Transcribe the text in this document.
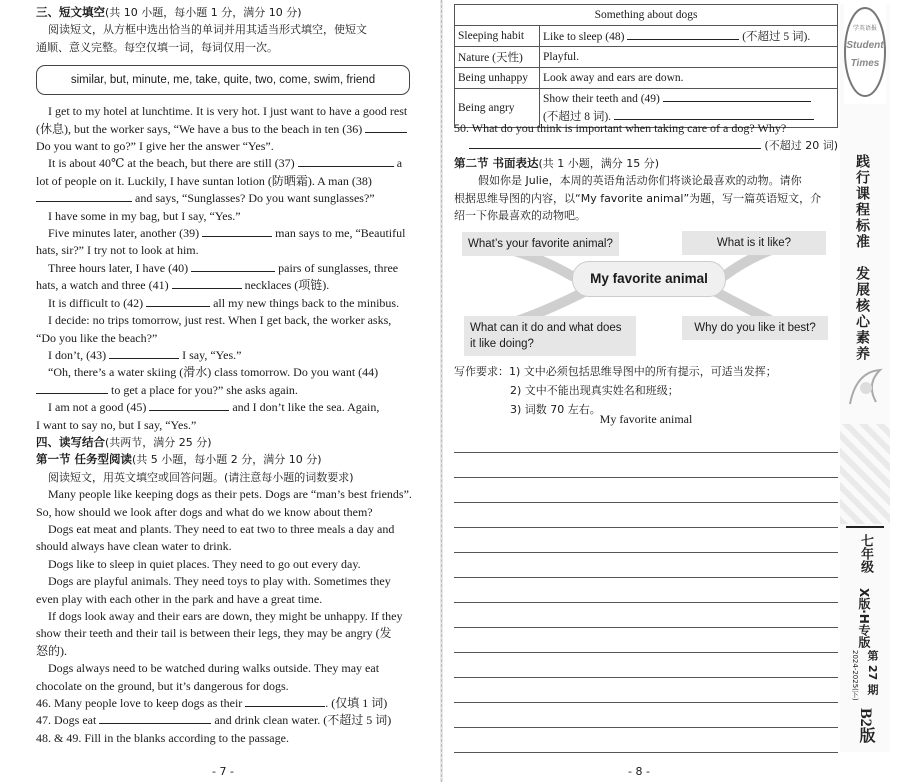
三、短文填空(共 10 小题，每小题 1 分，满分 10 分)

阅读短文，从方框中选出恰当的单词并用其适当形式填空，使短文

通顺、意义完整。每空仅填一词，每词仅用一次。

similar, but, minute, me, take, quite, two, come, swim, friend

I get to my hotel at lunchtime. It is very hot. I just want to have a good rest

(休息), but the worker says, “We have a bus to the beach in ten (36)

Do you want to go?” I give her the answer “Yes”.

It is about 40℃ at the beach, but there are still (37)	a

lot of people on it. Luckily, I have suntan lotion (防晒霜). A man (38)

and says, “Sunglasses? Do you want sunglasses?”

I have some in my bag, but I say, “Yes.”

Five minutes later, another (39)	man says to me, “Beautiful

hats, sir?” I try not to look at him.

Three hours later, I have (40)	pairs of sunglasses, three

hats, a watch and three (41)	necklaces (项链).

It is difficult to (42)	all my new things back to the minibus.

I decide: no trips tomorrow, just rest. When I get back, the worker asks,

“Do you like the beach?”

I don’t, (43)	I say, “Yes.”

“Oh, there’s a water skiing (滑水) class tomorrow. Do you want (44)

to get a place for you?” she asks again.

I am not a good (45)	and I don’t like the sea. Again,

I want to say no, but I say, “Yes.”

四、读写结合(共两节，满分 25 分)

第一节 任务型阅读(共 5 小题，每小题 2 分，满分 10 分)

阅读短文，用英文填空或回答问题。(请注意每小题的词数要求)

Many people like keeping dogs as their pets. Dogs are “man’s best friends”.

So, how should we look after dogs and what do we know about them?

Dogs eat meat and plants. They need to eat two to three meals a day and

should always have clean water to drink.

Dogs like to sleep in quiet places. They need to go out every day.

Dogs are playful animals. They need toys to play with. Sometimes they

even play with each other in the park and have a great time.

If dogs look away and their ears are down, they might be unhappy. If they

show their teeth and their tail is between their legs, they may be angry (发

怒的).

Dogs always need to be watched during walks outside. They may eat

chocolate on the ground, but it’s dangerous for dogs.

46. Many people love to keep dogs as their	. (仅填 1 词)

47. Dogs eat	and drink clean water. (不超过 5 词)

48. & 49. Fill in the blanks according to the passage.

- 7 -
Something about dogs	
Sleeping habit	Like to sleep (48) (不超过 5 词).
Nature (天性)	Playful.
Being unhappy	Look away and ears are down.
Being angry	Show their teeth and (49)
(不超过 8 词).

50. What do you think is important when taking care of a dog? Why?

(不超过 20 词)

第二节 书面表达(共 1 小题，满分 15 分)

假如你是 Julie，本周的英语角活动你们将谈论最喜欢的动物。请你

根据思维导图的内容，以“My favorite animal”为题，写一篇英语短文，介

绍一下你最喜欢的动物吧。

What’s your favorite animal?	What is it like?
My favorite animal
What can it do and what does
it like doing?
Why do you like it best?
写作要求：1) 文中必须包括思维导图中的所有提示，可适当发挥；
2) 文中不能出现真实姓名和班级；
3) 词数 70 左右。
My favorite animal
- 8 -
学英语报
Student
Times
践行课程标准
发展核心素养
七年级
X版·H专版
第 27 期
2024-2025(下)
B2版
